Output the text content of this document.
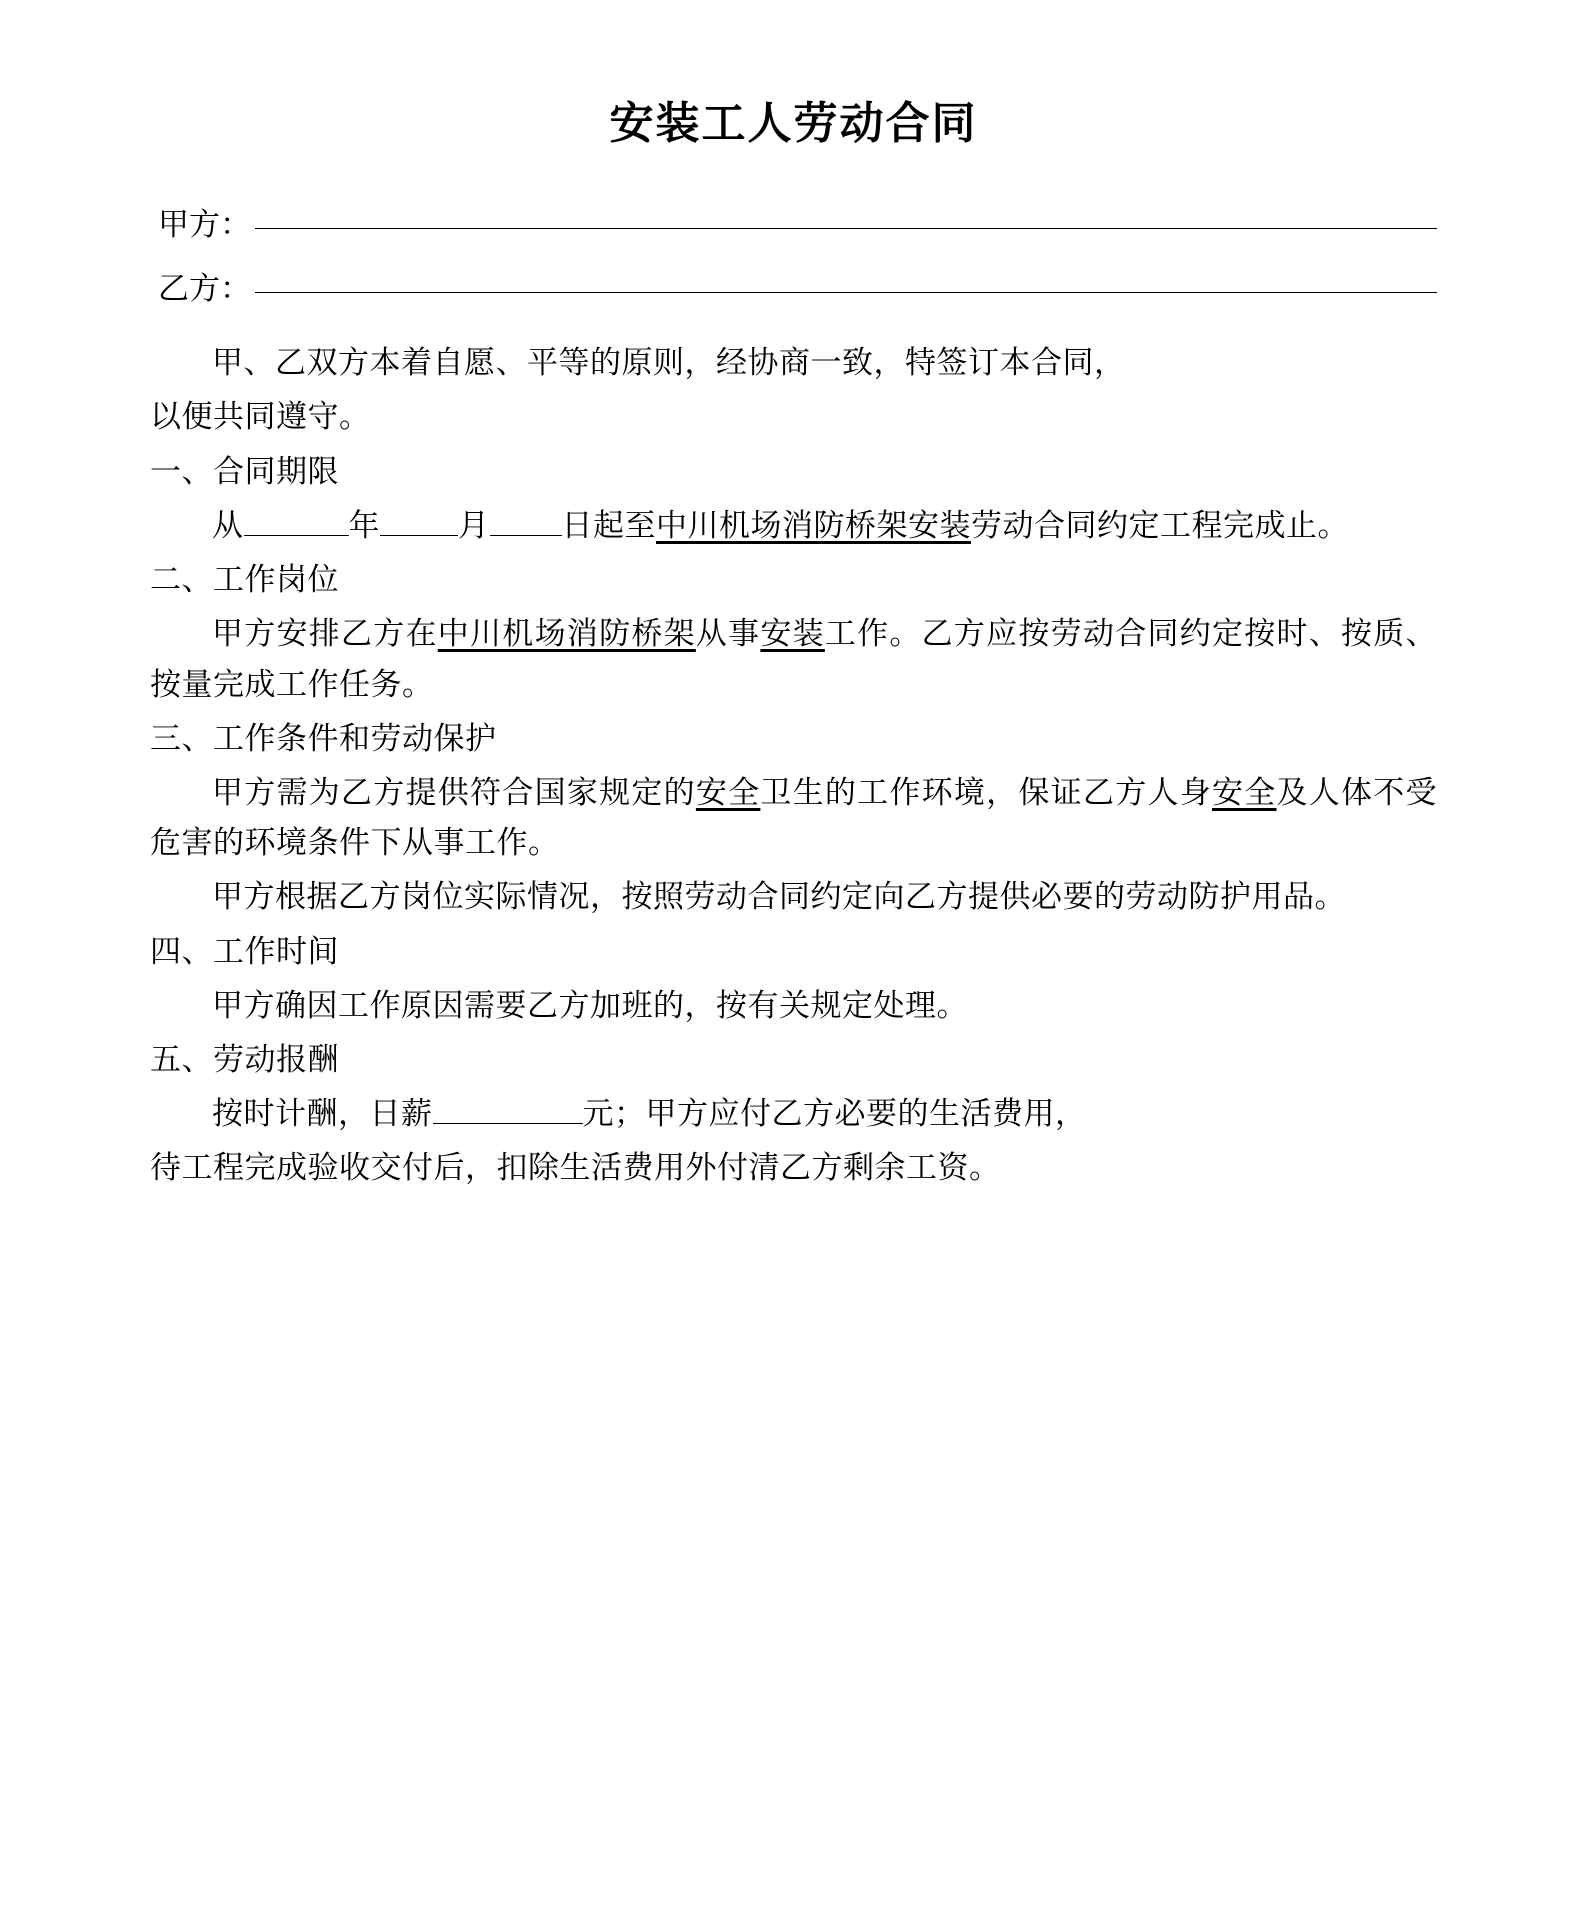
安装工人劳动合同
甲方：
乙方：

甲、乙双方本着自愿、平等的原则，经协商一致，特签订本合同，

以便共同遵守。

一、合同期限

从	年	月 日起至中川机场消防桥架安装劳动合同约定工程完成止。

二、工作岗位

甲方安排乙方在中川机场消防桥架从事安装工作。乙方应按劳动合同约定按时、按质、按量完成工作任务。

三、工作条件和劳动保护

甲方需为乙方提供符合国家规定的安全卫生的工作环境，保证乙方人身安全及人体不受危害的环境条件下从事工作。

甲方根据乙方岗位实际情况，按照劳动合同约定向乙方提供必要的劳动防护用品。

四、工作时间

甲方确因工作原因需要乙方加班的，按有关规定处理。

五、劳动报酬

按时计酬，日薪	元；甲方应付乙方必要的生活费用，

待工程完成验收交付后，扣除生活费用外付清乙方剩余工资。
